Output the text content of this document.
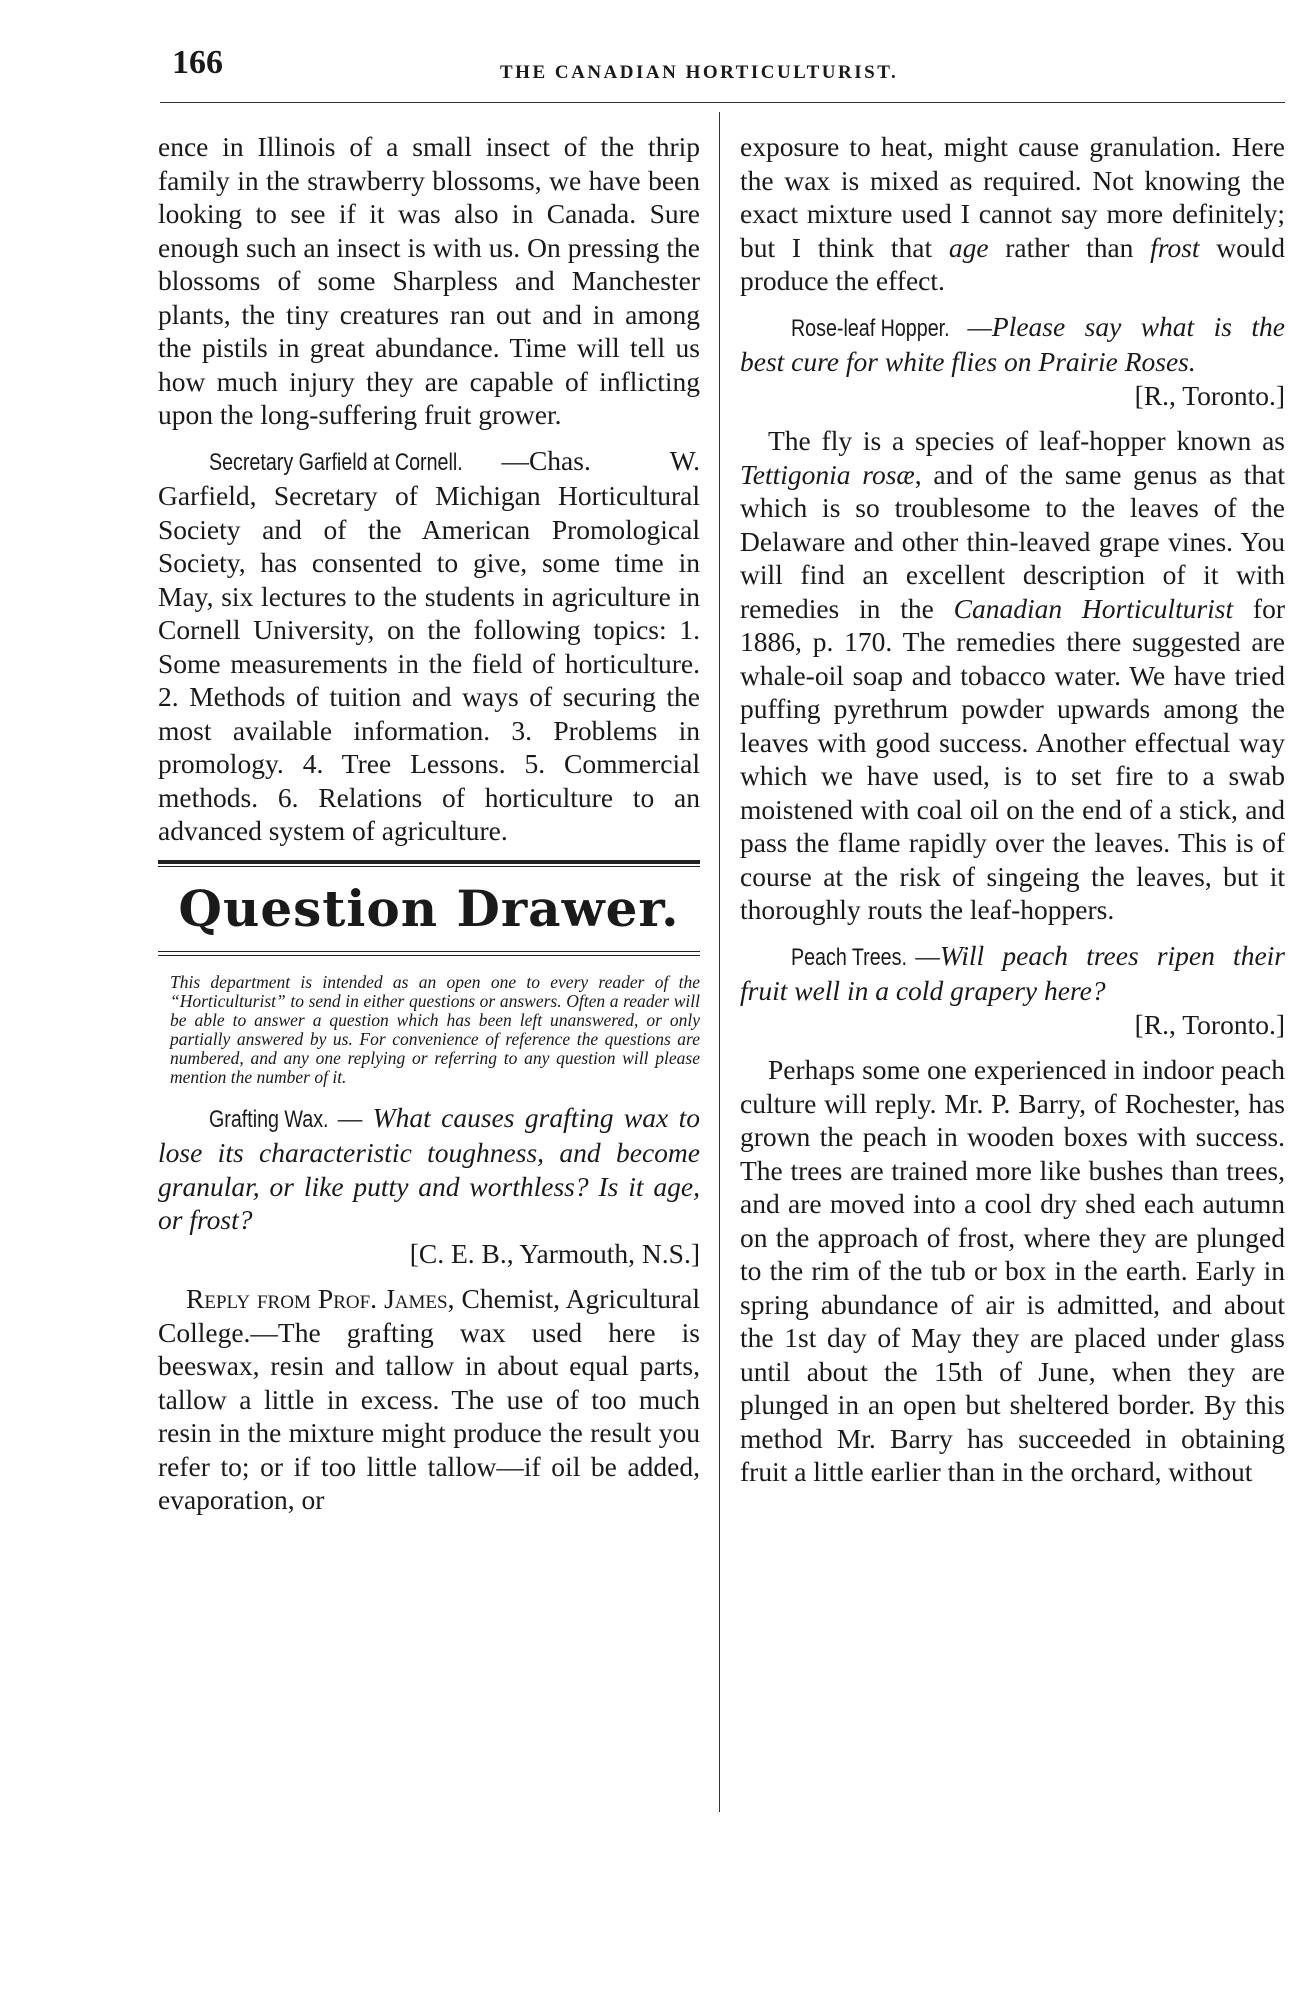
166	THE CANADIAN HORTICULTURIST.

ence in Illinois of a small insect of the thrip family in the strawberry blossoms, we have been looking to see if it was also in Canada. Sure enough such an insect is with us. On pressing the blossoms of some Sharpless and Manchester plants, the tiny creatures ran out and in among the pistils in great abundance. Time will tell us how much injury they are capable of inflicting upon the long-suffering fruit grower.

Secretary Garfield at Cornell. —Chas. W. Garfield, Secretary of Michigan Horticultural Society and of the American Promological Society, has consented to give, some time in May, six lectures to the students in agriculture in Cornell University, on the following topics: 1. Some measurements in the field of horticulture. 2. Methods of tuition and ways of securing the most available information. 3. Problems in promology. 4. Tree Lessons. 5. Commercial methods. 6. Relations of horticulture to an advanced system of agriculture.

Question Drawer.

This department is intended as an open one to every reader of the “Horticulturist” to send in either questions or answers. Often a reader will be able to answer a question which has been left unanswered, or only partially answered by us. For convenience of reference the questions are numbered, and any one replying or referring to any question will please mention the number of it.

Grafting Wax. — What causes grafting wax to lose its characteristic toughness, and become granular, or like putty and worthless? Is it age, or frost?
[C. E. B., Yarmouth, N.S.]

Reply from Prof. James, Chemist, Agricultural College.—The grafting wax used here is beeswax, resin and tallow in about equal parts, tallow a little in excess. The use of too much resin in the mixture might produce the result you refer to; or if too little tallow—if oil be added, evaporation, or

exposure to heat, might cause granulation. Here the wax is mixed as required. Not knowing the exact mixture used I cannot say more definitely; but I think that age rather than frost would produce the effect.

Rose-leaf Hopper. —Please say what is the best cure for white flies on Prairie Roses.
[R., Toronto.]

The fly is a species of leaf-hopper known as Tettigonia rosæ, and of the same genus as that which is so troublesome to the leaves of the Delaware and other thin-leaved grape vines. You will find an excellent description of it with remedies in the Canadian Horticulturist for 1886, p. 170. The remedies there suggested are whale-oil soap and tobacco water. We have tried puffing pyrethrum powder upwards among the leaves with good success. Another effectual way which we have used, is to set fire to a swab moistened with coal oil on the end of a stick, and pass the flame rapidly over the leaves. This is of course at the risk of singeing the leaves, but it thoroughly routs the leaf-hoppers.

Peach Trees. —Will peach trees ripen their fruit well in a cold grapery here?
[R., Toronto.]

Perhaps some one experienced in indoor peach culture will reply. Mr. P. Barry, of Rochester, has grown the peach in wooden boxes with success. The trees are trained more like bushes than trees, and are moved into a cool dry shed each autumn on the approach of frost, where they are plunged to the rim of the tub or box in the earth. Early in spring abundance of air is admitted, and about the 1st day of May they are placed under glass until about the 15th of June, when they are plunged in an open but sheltered border. By this method Mr. Barry has succeeded in obtaining fruit a little earlier than in the orchard, without
